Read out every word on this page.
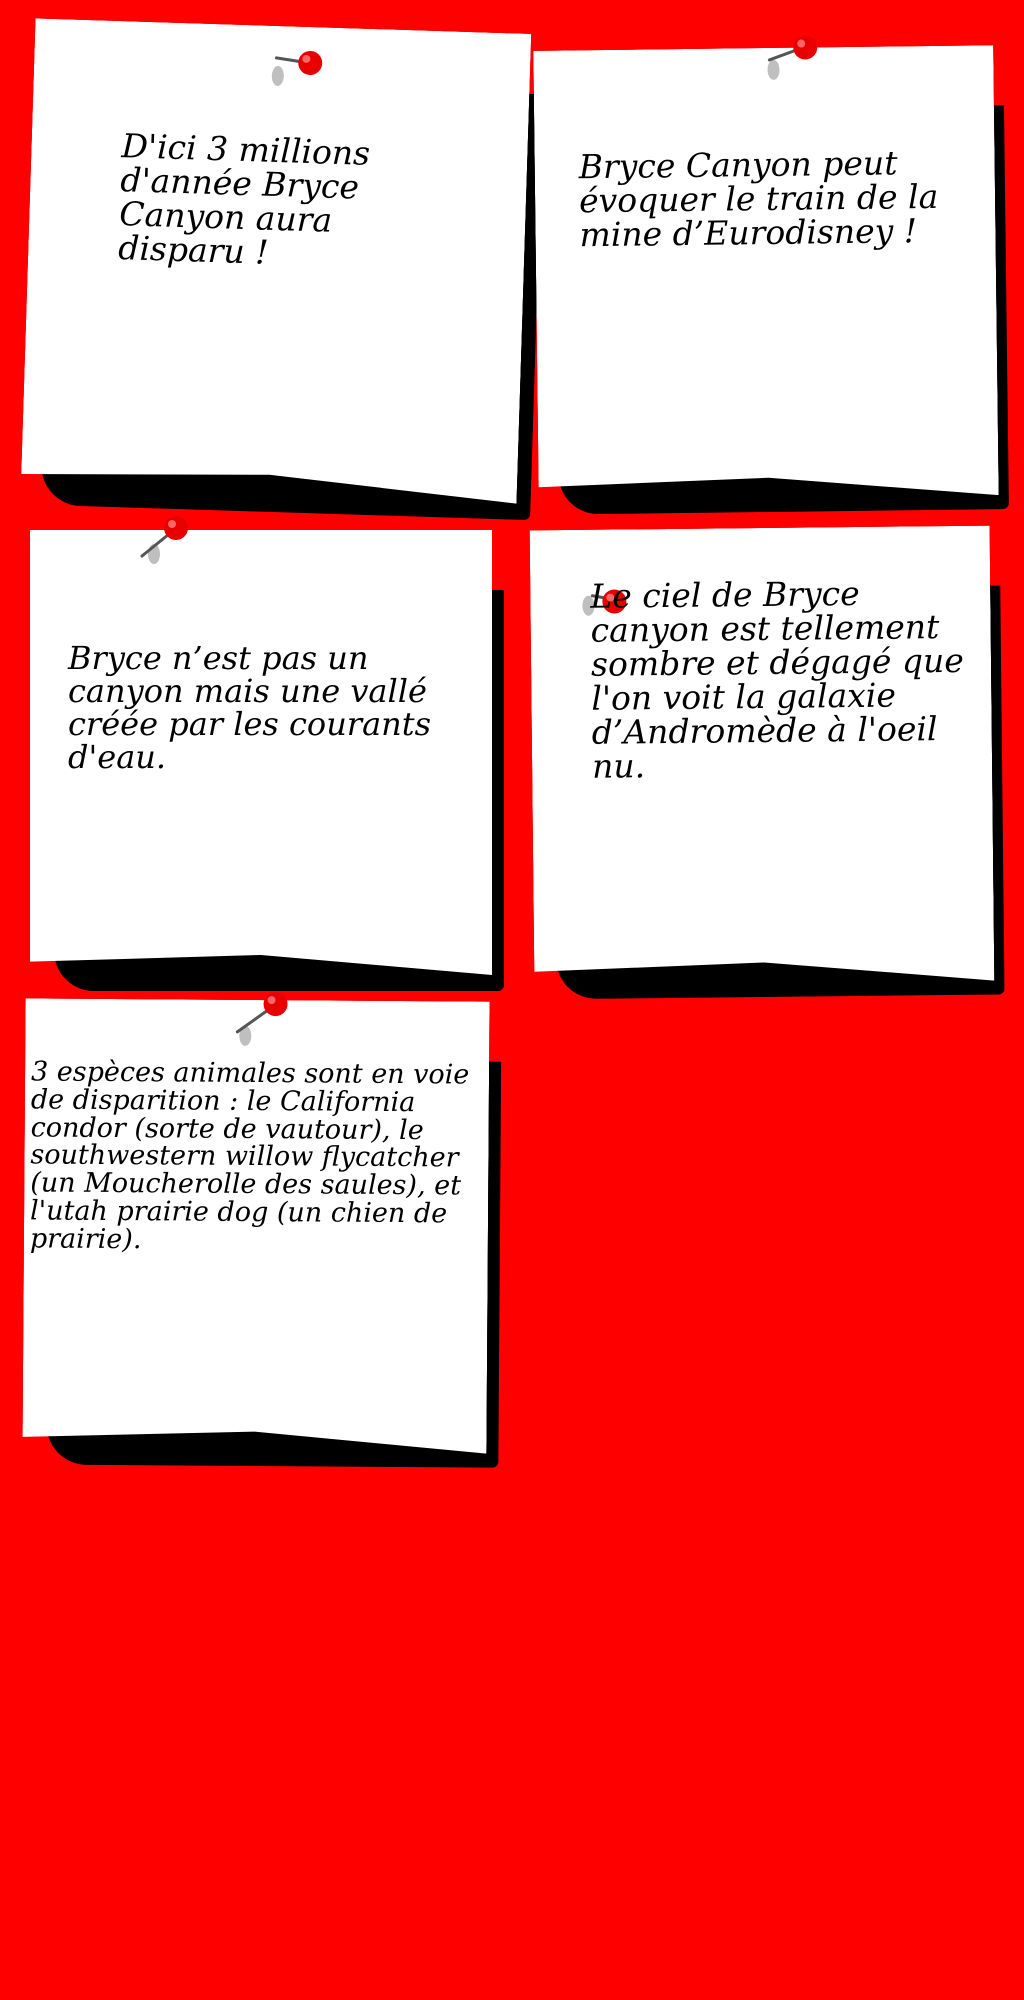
D'ici 3 millions d'année Bryce Canyon aura disparu !

Bryce Canyon peut évoquer le train de la mine d’Eurodisney !

Bryce n’est pas un canyon mais une vallé créée par les courants d'eau.

Le ciel de Bryce canyon est tellement sombre et dégagé que l'on voit la galaxie d’Andromède à l'oeil nu.

3 espèces animales sont en voie de disparition : le California condor (sorte de vautour), le southwestern willow flycatcher
(un Moucherolle des saules), et l'utah prairie dog (un chien de prairie).
